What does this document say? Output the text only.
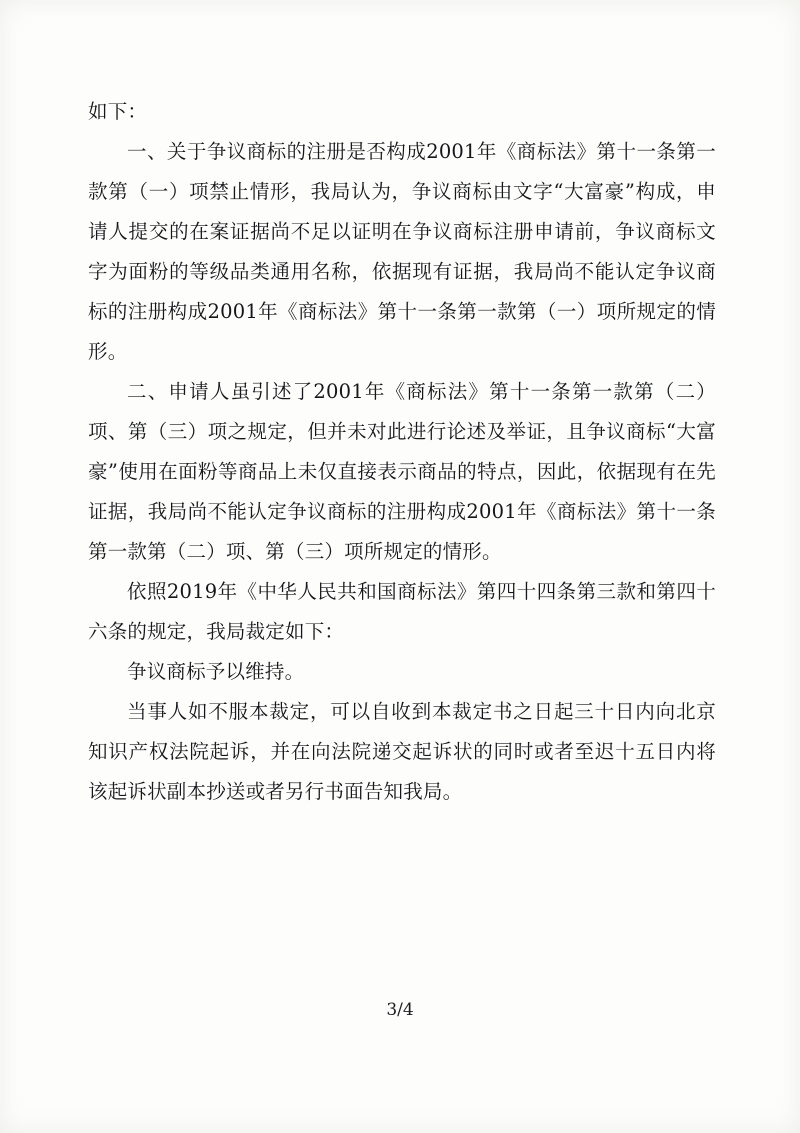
如下：

一、关于争议商标的注册是否构成2001年《商标法》第十一条第一款第（一）项禁止情形，我局认为，争议商标由文字“大富豪”构成，申请人提交的在案证据尚不足以证明在争议商标注册申请前，争议商标文字为面粉的等级品类通用名称，依据现有证据，我局尚不能认定争议商标的注册构成2001年《商标法》第十一条第一款第（一）项所规定的情形。

二、申请人虽引述了2001年《商标法》第十一条第一款第（二）项、第（三）项之规定，但并未对此进行论述及举证，且争议商标“大富豪”使用在面粉等商品上未仅直接表示商品的特点，因此，依据现有在先证据，我局尚不能认定争议商标的注册构成2001年《商标法》第十一条第一款第（二）项、第（三）项所规定的情形。

依照2019年《中华人民共和国商标法》第四十四条第三款和第四十六条的规定，我局裁定如下：

争议商标予以维持。

当事人如不服本裁定，可以自收到本裁定书之日起三十日内向北京知识产权法院起诉，并在向法院递交起诉状的同时或者至迟十五日内将该起诉状副本抄送或者另行书面告知我局。

3/4
